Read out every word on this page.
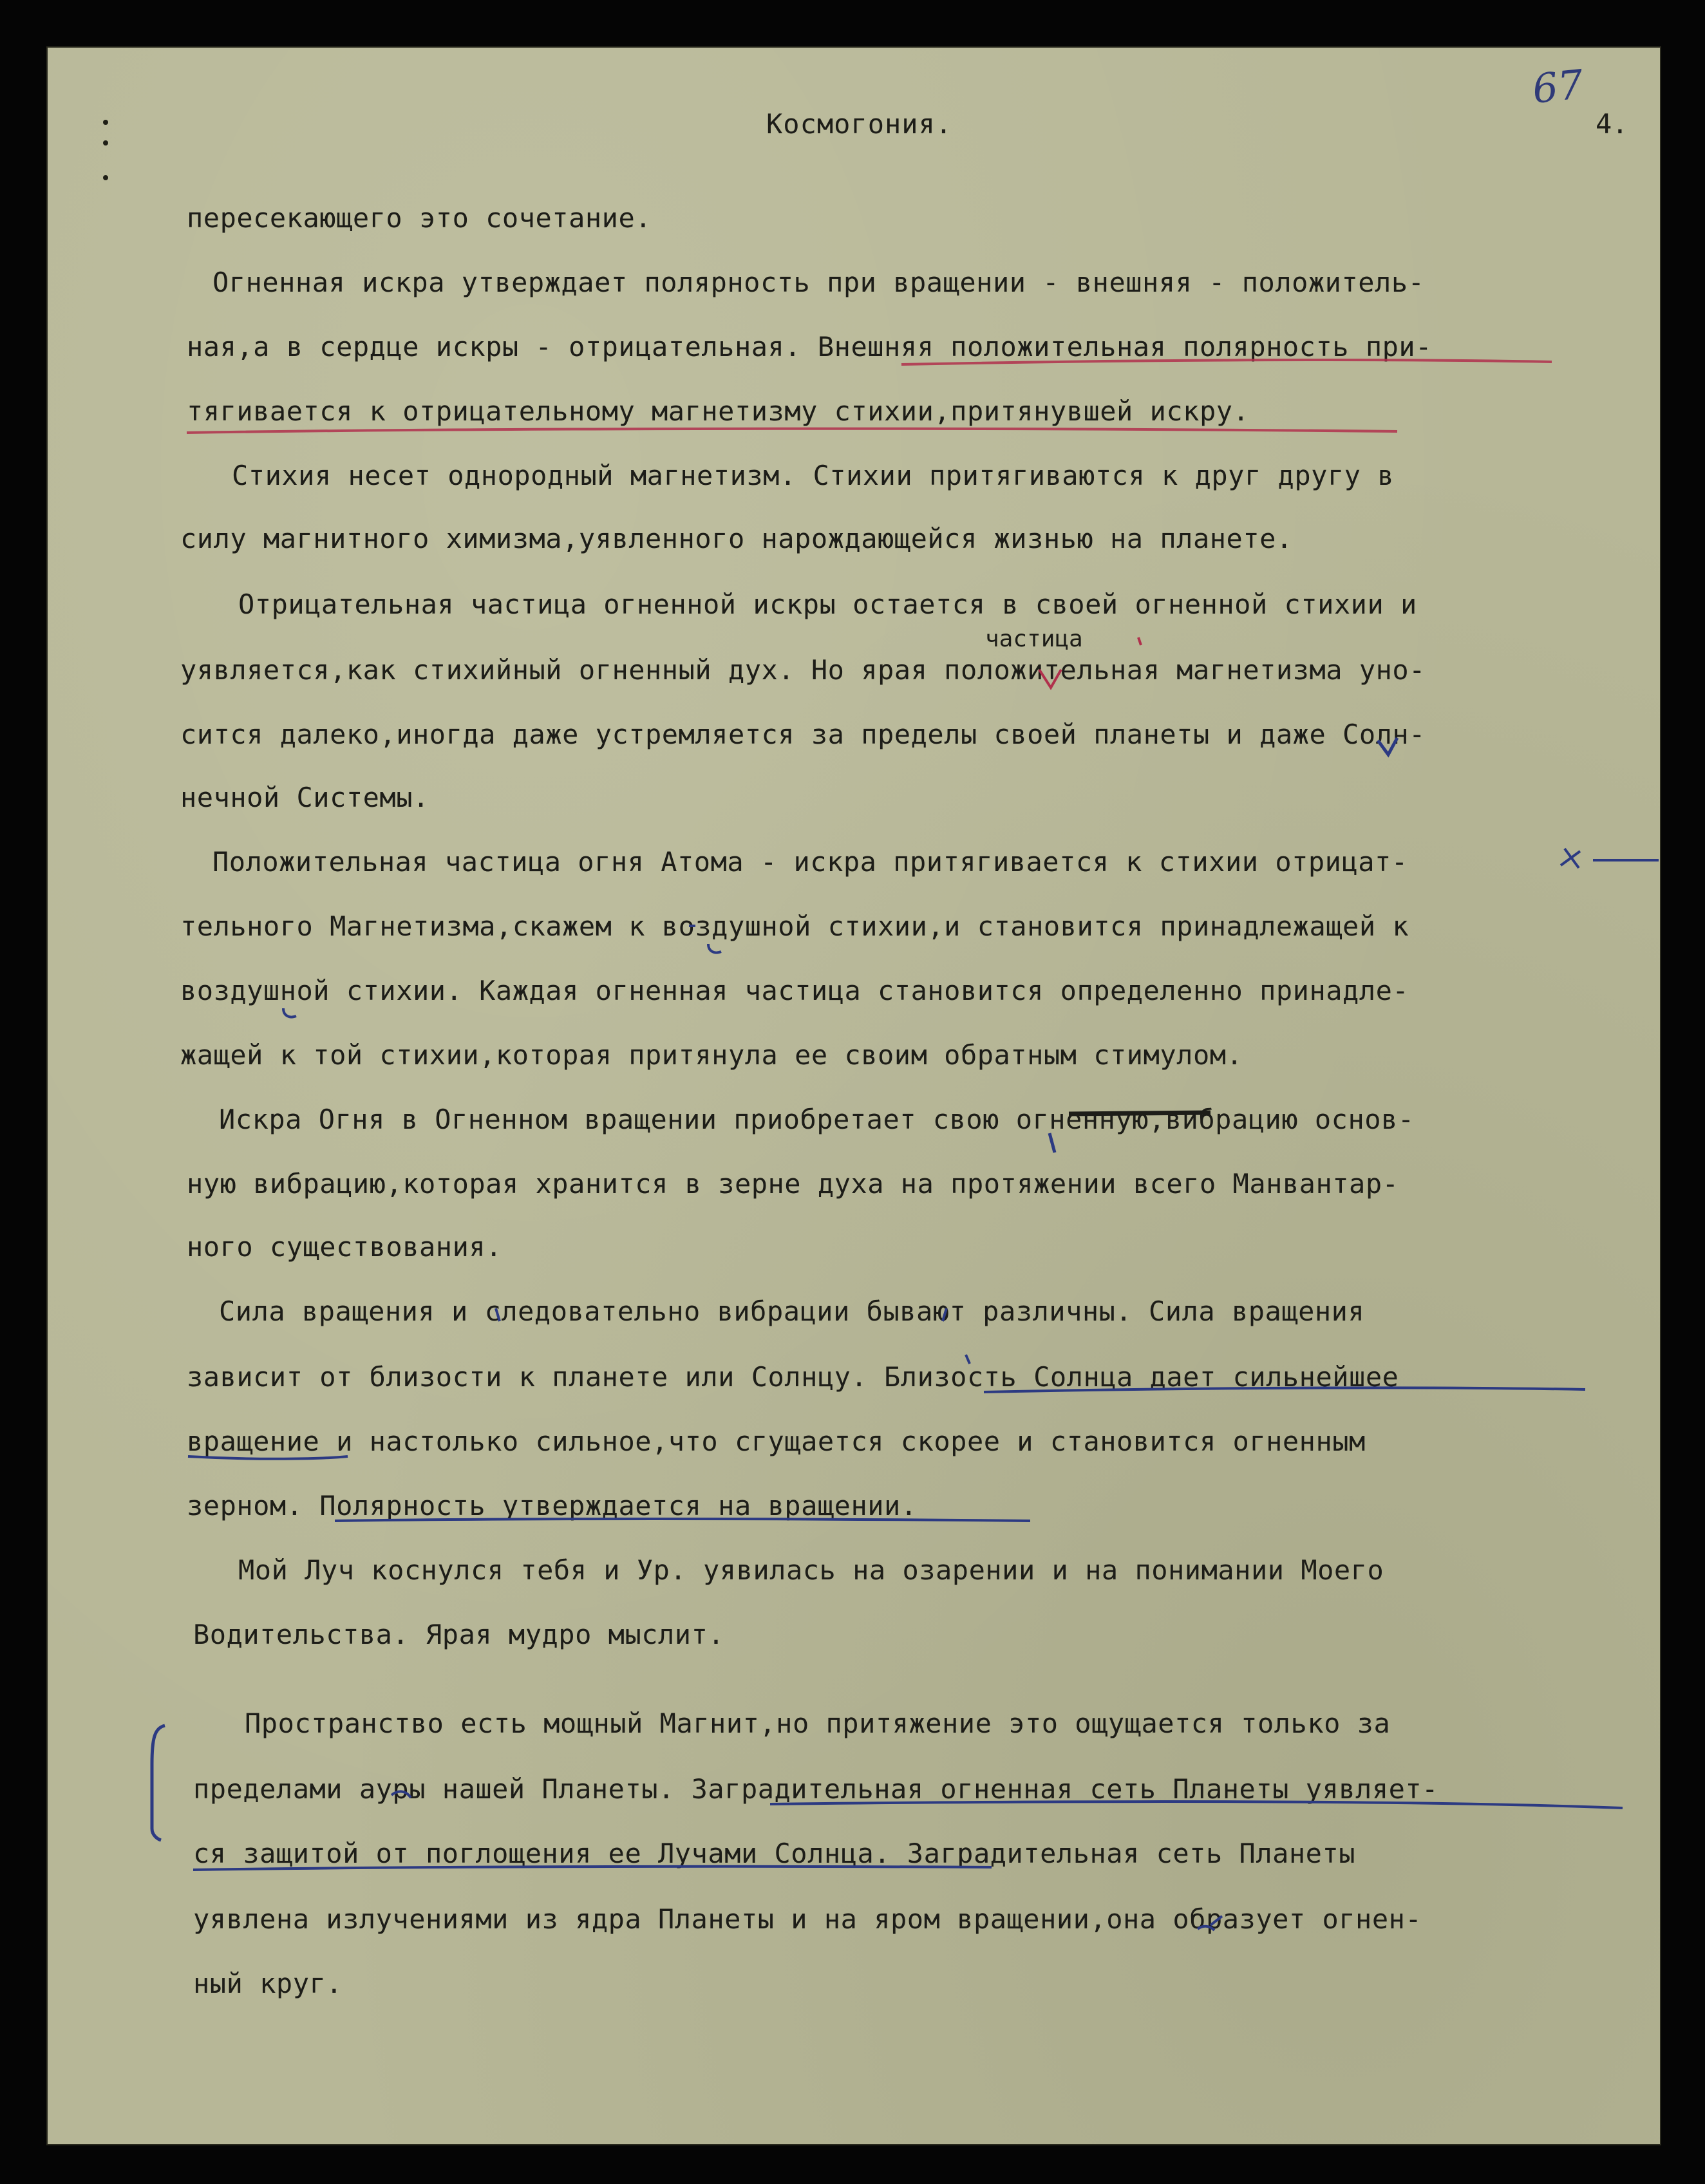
67
Космогония.	4.
пересекающего это сочетание.
Огненная искра утверждает полярность при вращении - внешняя - положитель-
ная,а в сердце искры - отрицательная. Внешняя положительная полярность при-
тягивается к отрицательному магнетизму стихии,притянувшей искру.
Стихия несет однородный магнетизм. Стихии притягиваются к друг другу в
силу магнитного химизма,уявленного нарождающейся жизнью на планете.
Отрицательная частица огненной искры остается в своей огненной стихии и
частица
уявляется,как стихийный огненный дух. Но ярая положительная магнетизма уно-
сится далеко,иногда даже устремляется за пределы своей планеты и даже Солн-
нечной Системы.
Положительная частица огня Атома - искра притягивается к стихии отрицат-
тельного Магнетизма,скажем к воздушной стихии,и становится принадлежащей к
воздушной стихии. Каждая огненная частица становится определенно принадле-
жащей к той стихии,которая притянула ее своим обратным стимулом.
Искра Огня в Огненном вращении приобретает свою огненную,вибрацию основ-
ную вибрацию,которая хранится в зерне духа на протяжении всего Манвантар-
ного существования.
Сила вращения и следовательно вибрации бывают различны. Сила вращения
зависит от близости к планете или Солнцу. Близость Солнца дает сильнейшее
вращение и настолько сильное,что сгущается скорее и становится огненным
зерном. Полярность утверждается на вращении.
Мой Луч коснулся тебя и Ур. уявилась на озарении и на понимании Моего
Водительства. Ярая мудро мыслит.
Пространство есть мощный Магнит,но притяжение это ощущается только за
пределами ауры нашей Планеты. Заградительная огненная сеть Планеты уявляет-
ся защитой от поглощения ее Лучами Солнца. Заградительная сеть Планеты
уявлена излучениями из ядра Планеты и на яром вращении,она образует огнен-
ный круг.
